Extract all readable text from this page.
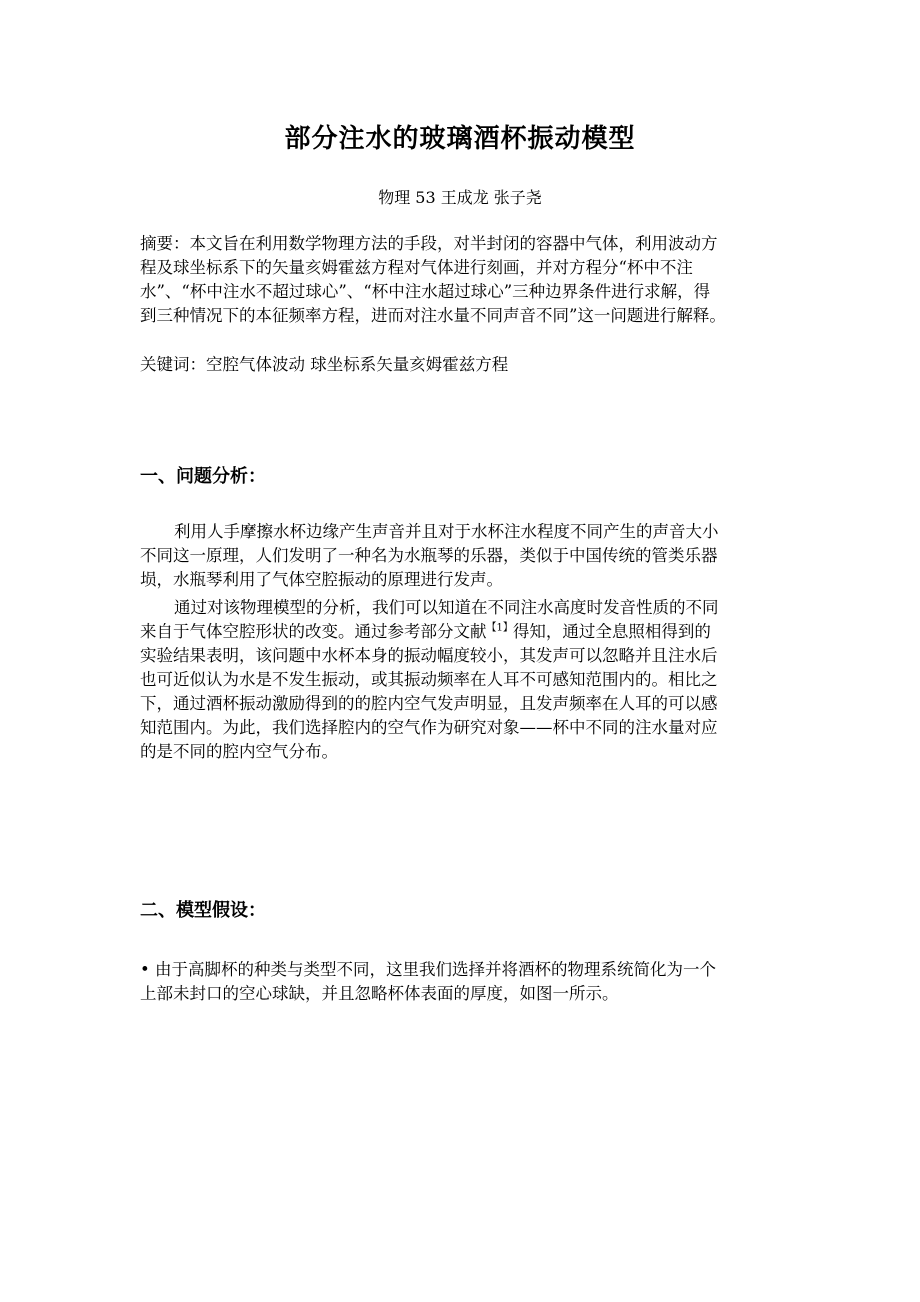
部分注水的玻璃酒杯振动模型
物理 53 王成龙 张子尧
摘要：本文旨在利用数学物理方法的手段，对半封闭的容器中气体，利用波动方
程及球坐标系下的矢量亥姆霍兹方程对气体进行刻画，并对方程分“杯中不注
水”、“杯中注水不超过球心”、“杯中注水超过球心”三种边界条件进行求解，得
到三种情况下的本征频率方程，进而对注水量不同声音不同”这一问题进行解释。
关键词：空腔气体波动 球坐标系矢量亥姆霍兹方程
一、问题分析：
利用人手摩擦水杯边缘产生声音并且对于水杯注水程度不同产生的声音大小
不同这一原理，人们发明了一种名为水瓶琴的乐器，类似于中国传统的管类乐器
埙，水瓶琴利用了气体空腔振动的原理进行发声。
通过对该物理模型的分析，我们可以知道在不同注水高度时发音性质的不同
来自于气体空腔形状的改变。通过参考部分文献$^{【1】}$得知，通过全息照相得到的
实验结果表明，该问题中水杯本身的振动幅度较小，其发声可以忽略并且注水后
也可近似认为水是不发生振动，或其振动频率在人耳不可感知范围内的。相比之
下，通过酒杯振动激励得到的的腔内空气发声明显，且发声频率在人耳的可以感
知范围内。为此，我们选择腔内的空气作为研究对象——杯中不同的注水量对应
的是不同的腔内空气分布。
二、模型假设：
• 由于高脚杯的种类与类型不同，这里我们选择并将酒杯的物理系统简化为一个
上部未封口的空心球缺，并且忽略杯体表面的厚度，如图一所示。
